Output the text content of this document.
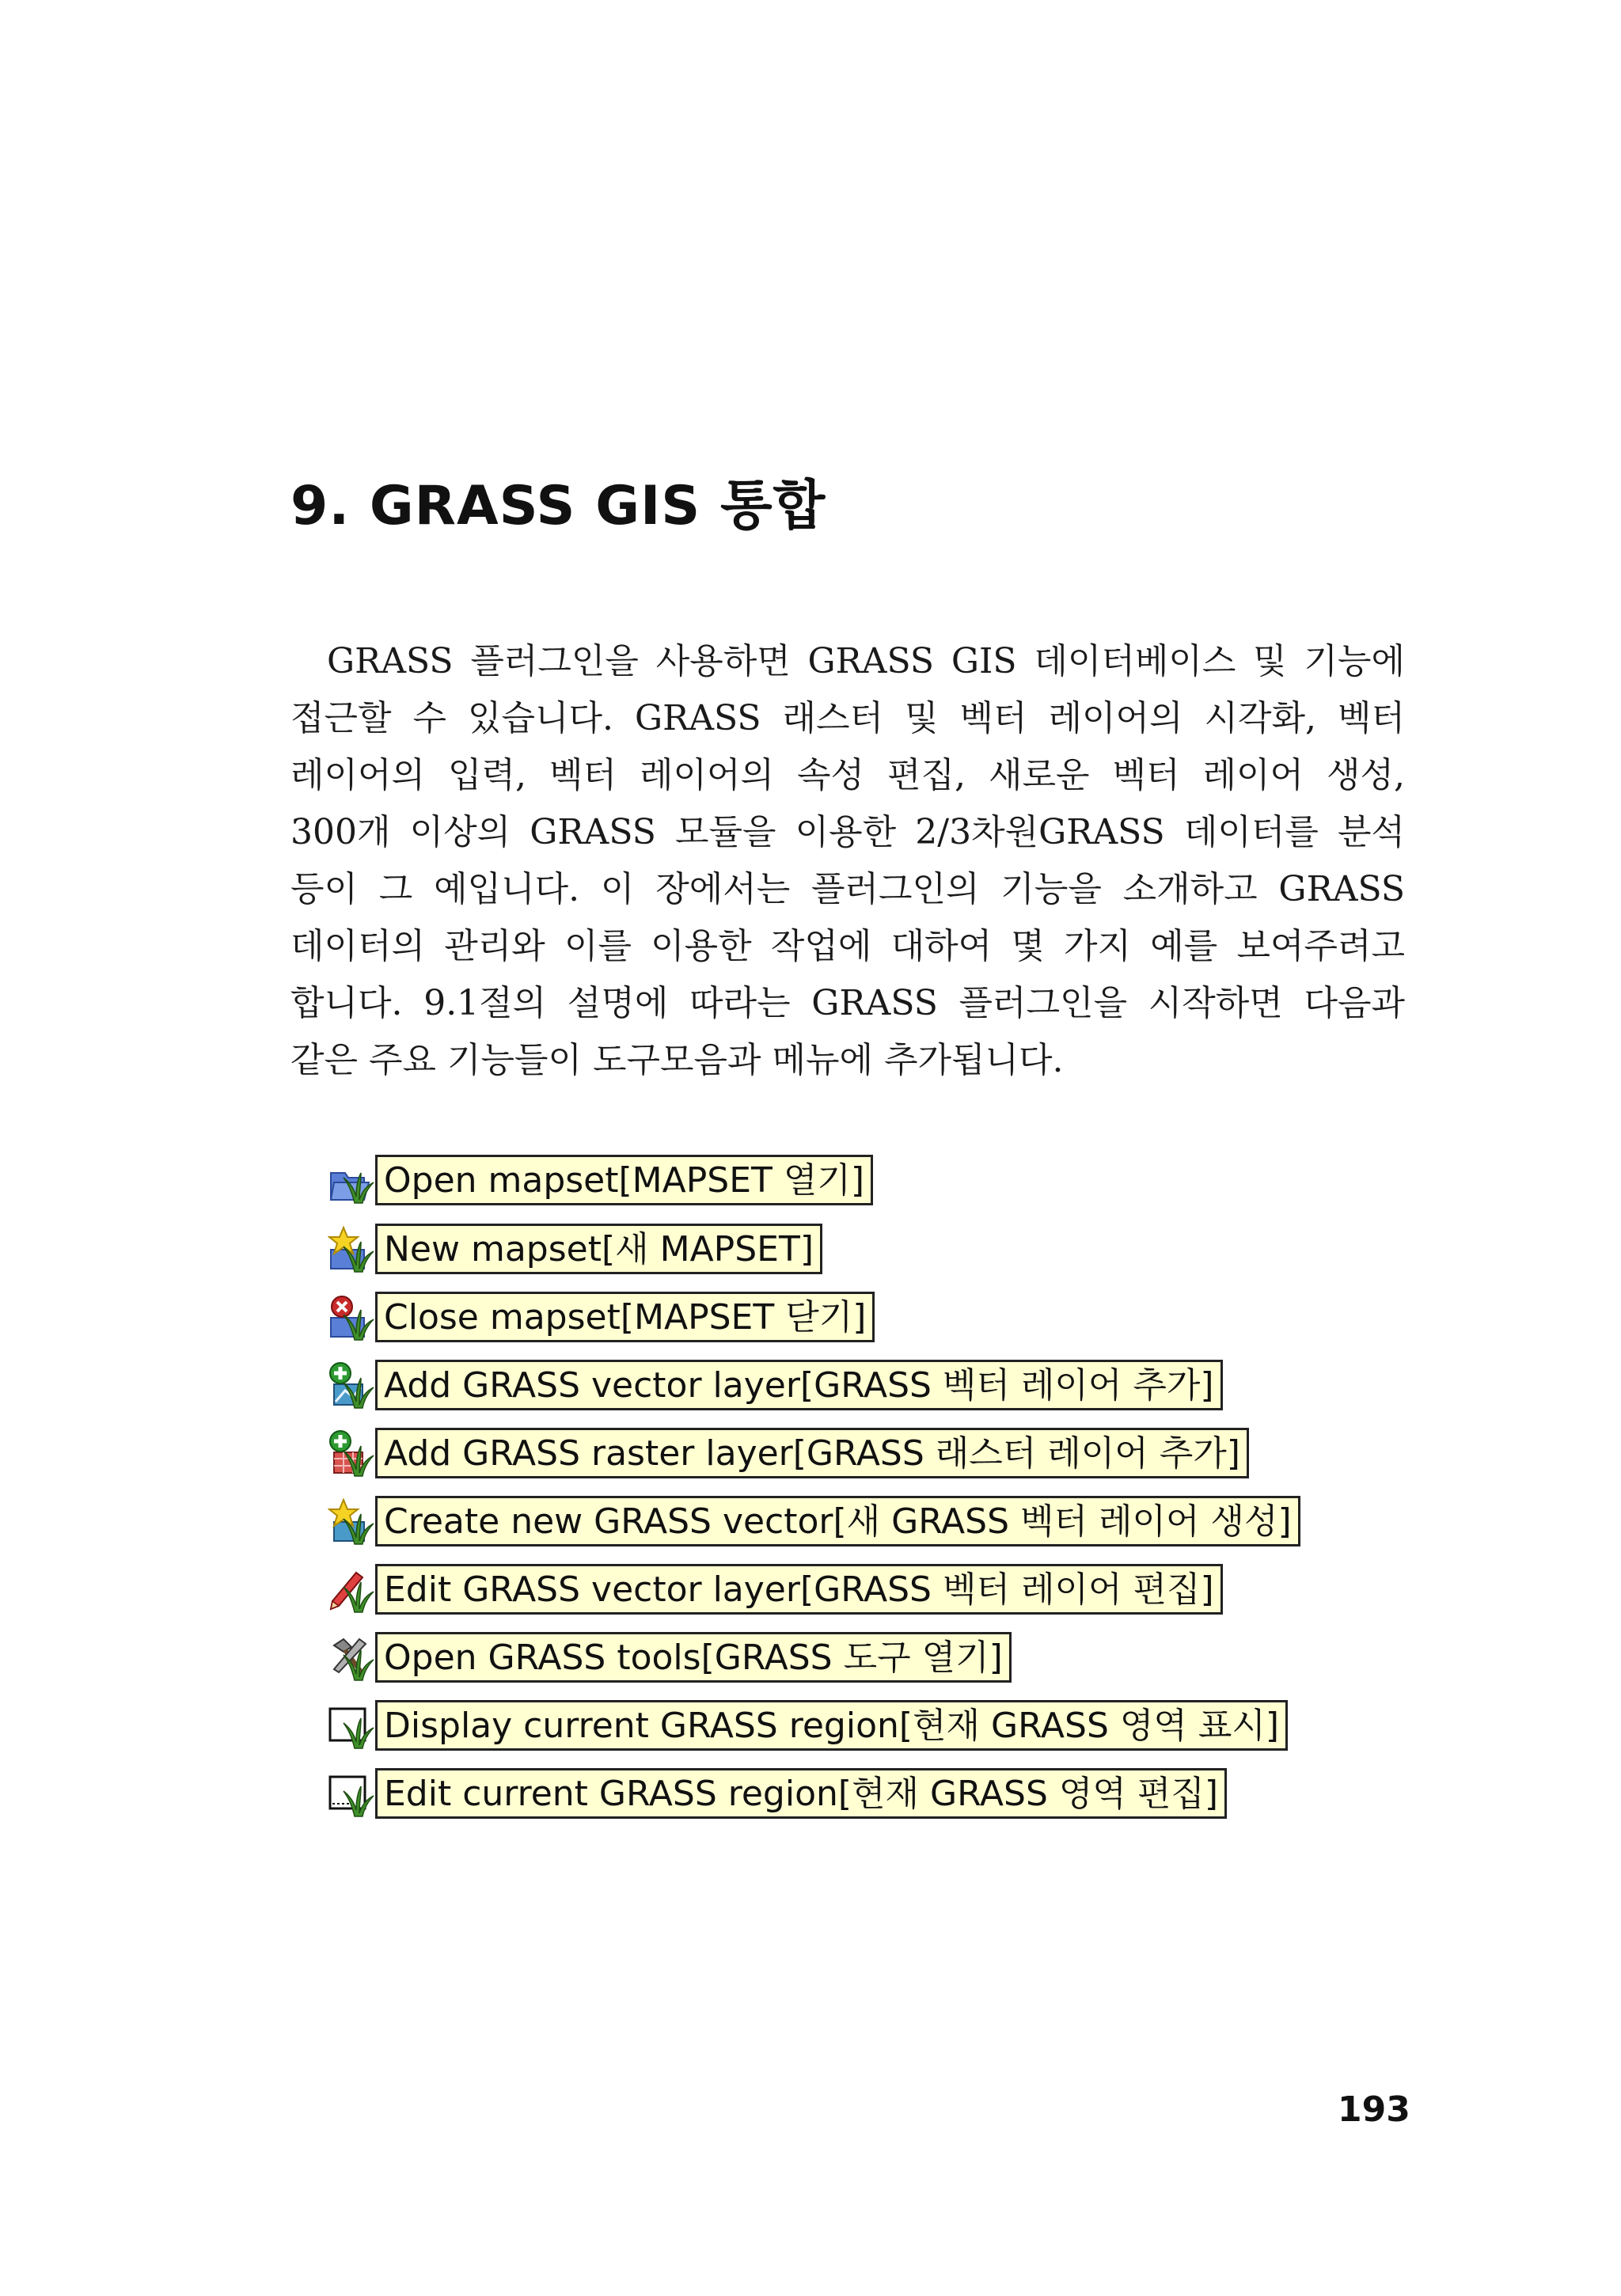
9. GRASS GIS 통합
GRASS 플러그인을 사용하면 GRASS GIS 데이터베이스 및 기능에
접근할 수 있습니다. GRASS 래스터 및 벡터 레이어의 시각화, 벡터
레이어의 입력, 벡터 레이어의 속성 편집, 새로운 벡터 레이어 생성,
300개 이상의 GRASS 모듈을 이용한 2/3차원GRASS 데이터를 분석
등이 그 예입니다. 이 장에서는 플러그인의 기능을 소개하고 GRASS
데이터의 관리와 이를 이용한 작업에 대하여 몇 가지 예를 보여주려고
합니다. 9.1절의 설명에 따라는 GRASS 플러그인을 시작하면 다음과
같은 주요 기능들이 도구모음과 메뉴에 추가됩니다.
Open mapset[MAPSET 열기]
New mapset[새 MAPSET]
Close mapset[MAPSET 닫기]
Add GRASS vector layer[GRASS 벡터 레이어 추가]
Add GRASS raster layer[GRASS 래스터 레이어 추가]
Create new GRASS vector[새 GRASS 벡터 레이어 생성]
Edit GRASS vector layer[GRASS 벡터 레이어 편집]
Open GRASS tools[GRASS 도구 열기]
Display current GRASS region[현재 GRASS 영역 표시]
Edit current GRASS region[현재 GRASS 영역 편집]
193
